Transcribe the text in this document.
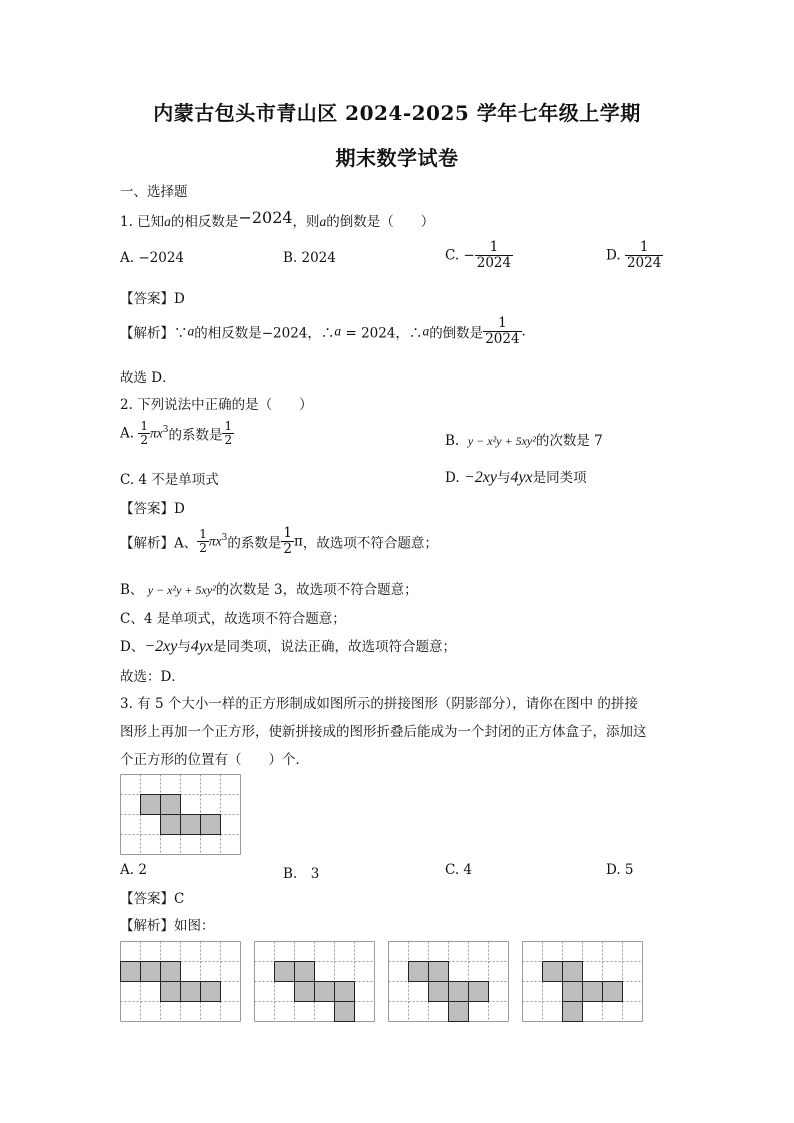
内蒙古包头市青山区 2024-2025 学年七年级上学期
期末数学试卷
一、选择题
1. 已知a的相反数是−2024，则a的倒数是（　　）
A. −2024	B. 2024	C. − $\frac{1}{2024}$	D. $\frac{1}{2024}$
【答案】D
【解析】∵a的相反数是−2024，∴a = 2024，∴a的倒数是 $\frac{1}{2024}$ .
故选 D．
2. 下列说法中正确的是（　　）
A. $\frac{1}{2} \pi x^3$的系数是 $\frac{1}{2}$	B. y − x²y + 5xy²的次数是 7
C. 4 不是单项式	D. −2xy与4yx是同类项
【答案】D
【解析】A、 $\frac{1}{2} \pi x^3$的系数是 $\frac{1}{2}$ π，故选项不符合题意；
B、 y − x²y + 5xy²的次数是 3，故选项不符合题意；
C、4 是单项式，故选项不符合题意；
D、−2xy与4yx是同类项，说法正确，故选项符合题意；
故选：D．
3. 有 5 个大小一样的正方形制成如图所示的拼接图形（阴影部分），请你在图中 的拼接
图形上再加一个正方形，使新拼接成的图形折叠后能成为一个封闭的正方体盒子，添加这
个正方形的位置有（　　）个．
A. 2	B.　3	C. 4	D. 5
【答案】C
【解析】如图：
